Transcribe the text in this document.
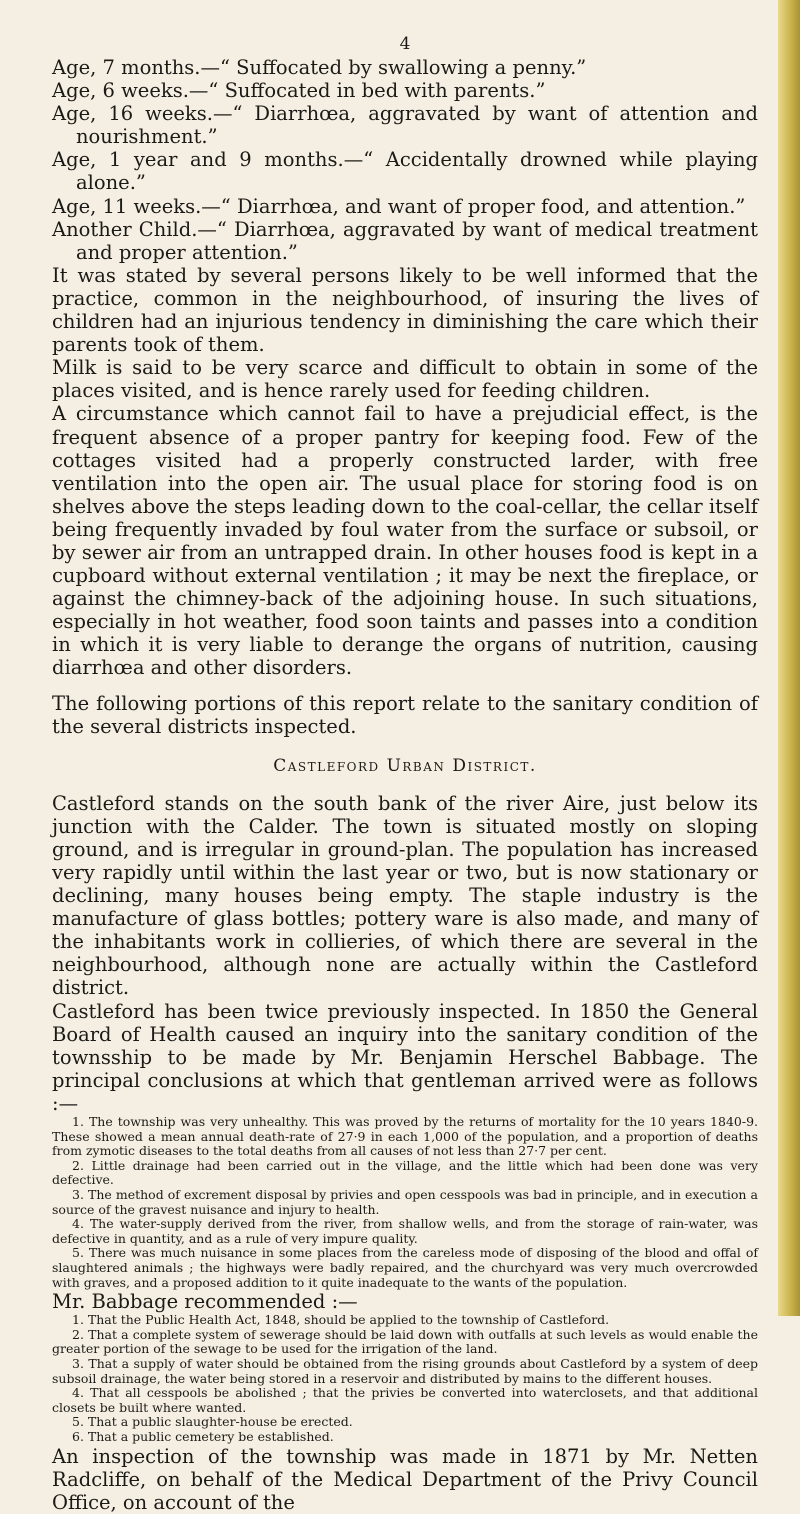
4

Age, 7 months.—“ Suffocated by swallowing a penny.”

Age, 6 weeks.—“ Suffocated in bed with parents.”

Age, 16 weeks.—“ Diarrhœa, aggravated by want of attention and nourishment.”

Age, 1 year and 9 months.—“ Accidentally drowned while playing alone.”

Age, 11 weeks.—“ Diarrhœa, and want of proper food, and attention.”

Another Child.—“ Diarrhœa, aggravated by want of medical treatment and proper attention.”

It was stated by several persons likely to be well informed that the practice, common in the neighbourhood, of insuring the lives of children had an injurious tendency in diminishing the care which their parents took of them.

Milk is said to be very scarce and difficult to obtain in some of the places visited, and is hence rarely used for feeding children.

A circumstance which cannot fail to have a prejudicial effect, is the frequent absence of a proper pantry for keeping food. Few of the cottages visited had a properly constructed larder, with free ventilation into the open air. The usual place for storing food is on shelves above the steps leading down to the coal-cellar, the cellar itself being frequently invaded by foul water from the surface or subsoil, or by sewer air from an untrapped drain. In other houses food is kept in a cupboard without external ventilation ; it may be next the fireplace, or against the chimney-back of the adjoining house. In such situations, especially in hot weather, food soon taints and passes into a condition in which it is very liable to derange the organs of nutrition, causing diarrhœa and other disorders.

The following portions of this report relate to the sanitary condition of the several districts inspected.

Castleford Urban District.

Castleford stands on the south bank of the river Aire, just below its junction with the Calder. The town is situated mostly on sloping ground, and is irregular in ground-plan. The population has increased very rapidly until within the last year or two, but is now stationary or declining, many houses being empty. The staple industry is the manufacture of glass bottles; pottery ware is also made, and many of the inhabitants work in collieries, of which there are several in the neighbourhood, although none are actually within the Castleford district.

Castleford has been twice previously inspected. In 1850 the General Board of Health caused an inquiry into the sanitary condition of the townsship to be made by Mr. Benjamin Herschel Babbage. The principal conclusions at which that gentleman arrived were as follows :—

1. The township was very unhealthy. This was proved by the returns of mortality for the 10 years 1840-9. These showed a mean annual death-rate of 27·9 in each 1,000 of the population, and a proportion of deaths from zymotic diseases to the total deaths from all causes of not less than 27·7 per cent.

2. Little drainage had been carried out in the village, and the little which had been done was very defective.

3. The method of excrement disposal by privies and open cesspools was bad in principle, and in execution a source of the gravest nuisance and injury to health.

4. The water-supply derived from the river, from shallow wells, and from the storage of rain-water, was defective in quantity, and as a rule of very impure quality.

5. There was much nuisance in some places from the careless mode of disposing of the blood and offal of slaughtered animals ; the highways were badly repaired, and the churchyard was very much overcrowded with graves, and a proposed addition to it quite inadequate to the wants of the population.

Mr. Babbage recommended :—

1. That the Public Health Act, 1848, should be applied to the township of Castleford.

2. That a complete system of sewerage should be laid down with outfalls at such levels as would enable the greater portion of the sewage to be used for the irrigation of the land.

3. That a supply of water should be obtained from the rising grounds about Castleford by a system of deep subsoil drainage, the water being stored in a reservoir and distributed by mains to the different houses.

4. That all cesspools be abolished ; that the privies be converted into waterclosets, and that additional closets be built where wanted.

5. That a public slaughter-house be erected.

6. That a public cemetery be established.

An inspection of the township was made in 1871 by Mr. Netten Radcliffe, on behalf of the Medical Department of the Privy Council Office, on account of the
